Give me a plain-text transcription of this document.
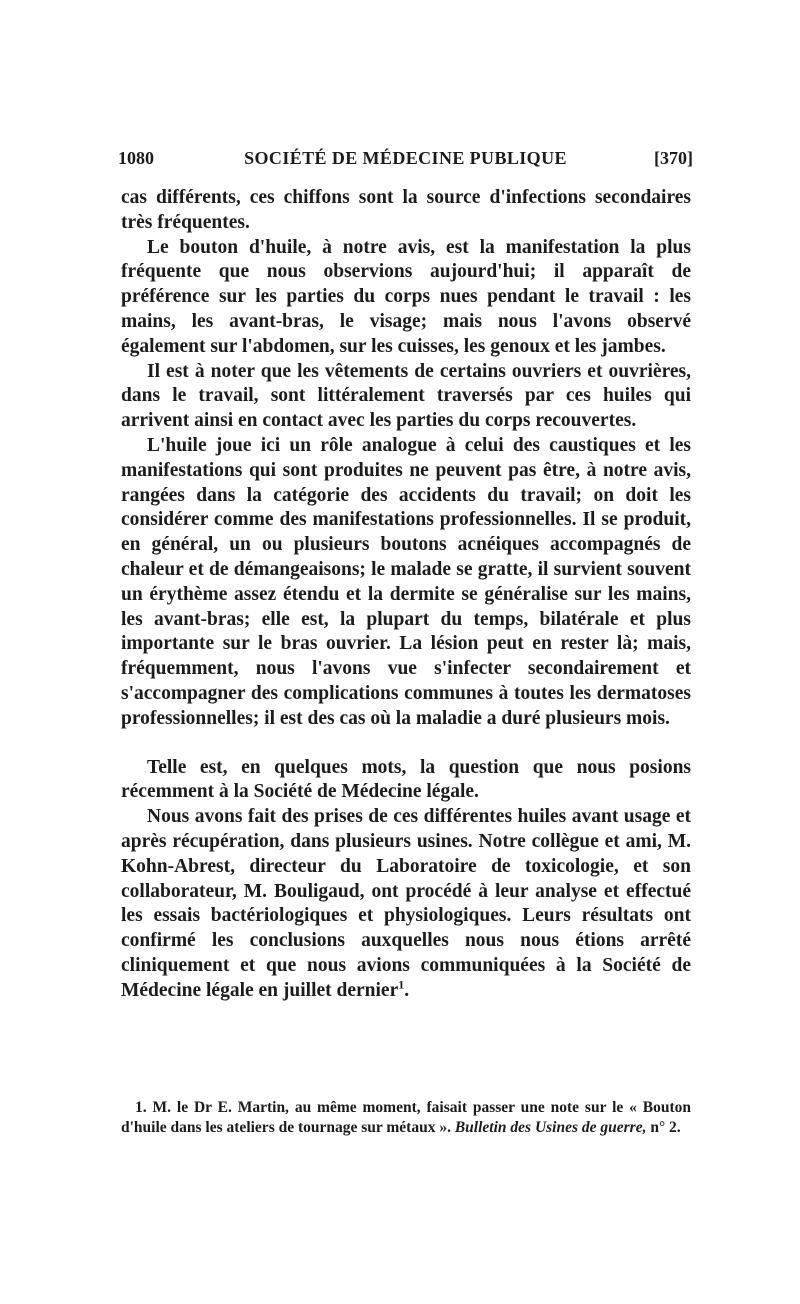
1080	SOCIÉTÉ DE MÉDECINE PUBLIQUE	[370]

cas différents, ces chiffons sont la source d'infections secondaires très fréquentes.

Le bouton d'huile, à notre avis, est la manifestation la plus fréquente que nous observions aujourd'hui; il apparaît de préférence sur les parties du corps nues pendant le travail : les mains, les avant-bras, le visage; mais nous l'avons observé également sur l'abdomen, sur les cuisses, les genoux et les jambes.

Il est à noter que les vêtements de certains ouvriers et ouvrières, dans le travail, sont littéralement traversés par ces huiles qui arrivent ainsi en contact avec les parties du corps recouvertes.

L'huile joue ici un rôle analogue à celui des caustiques et les manifestations qui sont produites ne peuvent pas être, à notre avis, rangées dans la catégorie des accidents du travail; on doit les considérer comme des manifestations professionnelles. Il se produit, en général, un ou plusieurs boutons acnéiques accompagnés de chaleur et de démangeaisons; le malade se gratte, il survient souvent un érythème assez étendu et la dermite se généralise sur les mains, les avant-bras; elle est, la plupart du temps, bilatérale et plus importante sur le bras ouvrier. La lésion peut en rester là; mais, fréquemment, nous l'avons vue s'infecter secondairement et s'accompagner des complications communes à toutes les dermatoses professionnelles; il est des cas où la maladie a duré plusieurs mois.

Telle est, en quelques mots, la question que nous posions récemment à la Société de Médecine légale.

Nous avons fait des prises de ces différentes huiles avant usage et après récupération, dans plusieurs usines. Notre collègue et ami, M. Kohn-Abrest, directeur du Laboratoire de toxicologie, et son collaborateur, M. Bouligaud, ont procédé à leur analyse et effectué les essais bactériologiques et physiologiques. Leurs résultats ont confirmé les conclusions auxquelles nous nous étions arrêté cliniquement et que nous avions communiquées à la Société de Médecine légale en juillet dernier$^1$.

1. M. le Dr E. Martin, au même moment, faisait passer une note sur le « Bouton d'huile dans les ateliers de tournage sur métaux ». Bulletin des Usines de guerre, n° 2.
